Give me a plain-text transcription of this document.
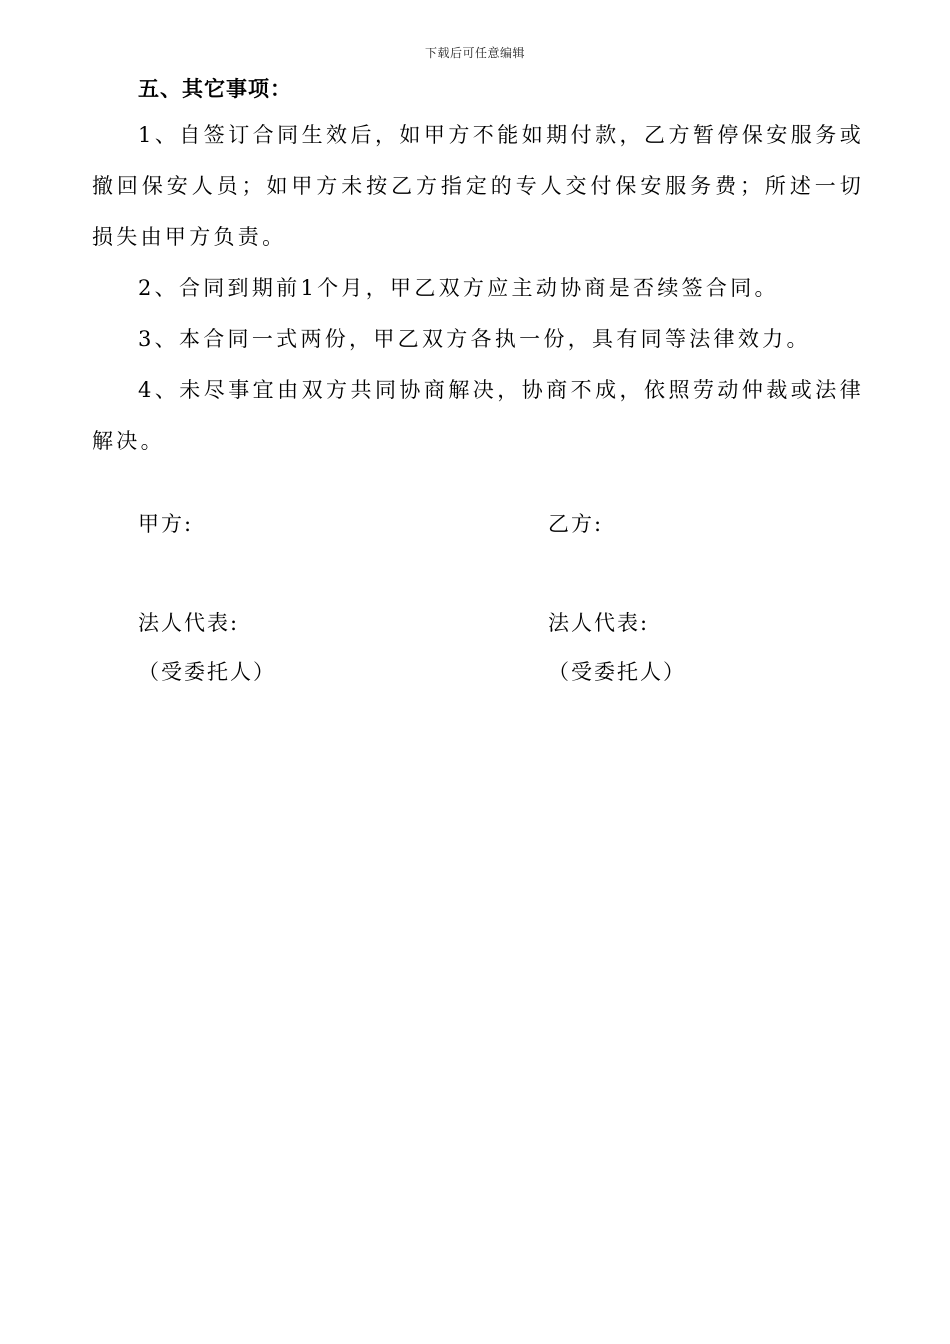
下载后可任意编辑

五、其它事项：

1、自签订合同生效后，如甲方不能如期付款，乙方暂停保安服务或撤回保安人员；如甲方未按乙方指定的专人交付保安服务费；所述一切损失由甲方负责。

2、合同到期前1个月，甲乙双方应主动协商是否续签合同。

3、本合同一式两份，甲乙双方各执一份，具有同等法律效力。

4、未尽事宜由双方共同协商解决，协商不成，依照劳动仲裁或法律解决。

甲方:	乙方:
法人代表:	法人代表:
（受委托人）	（受委托人）
